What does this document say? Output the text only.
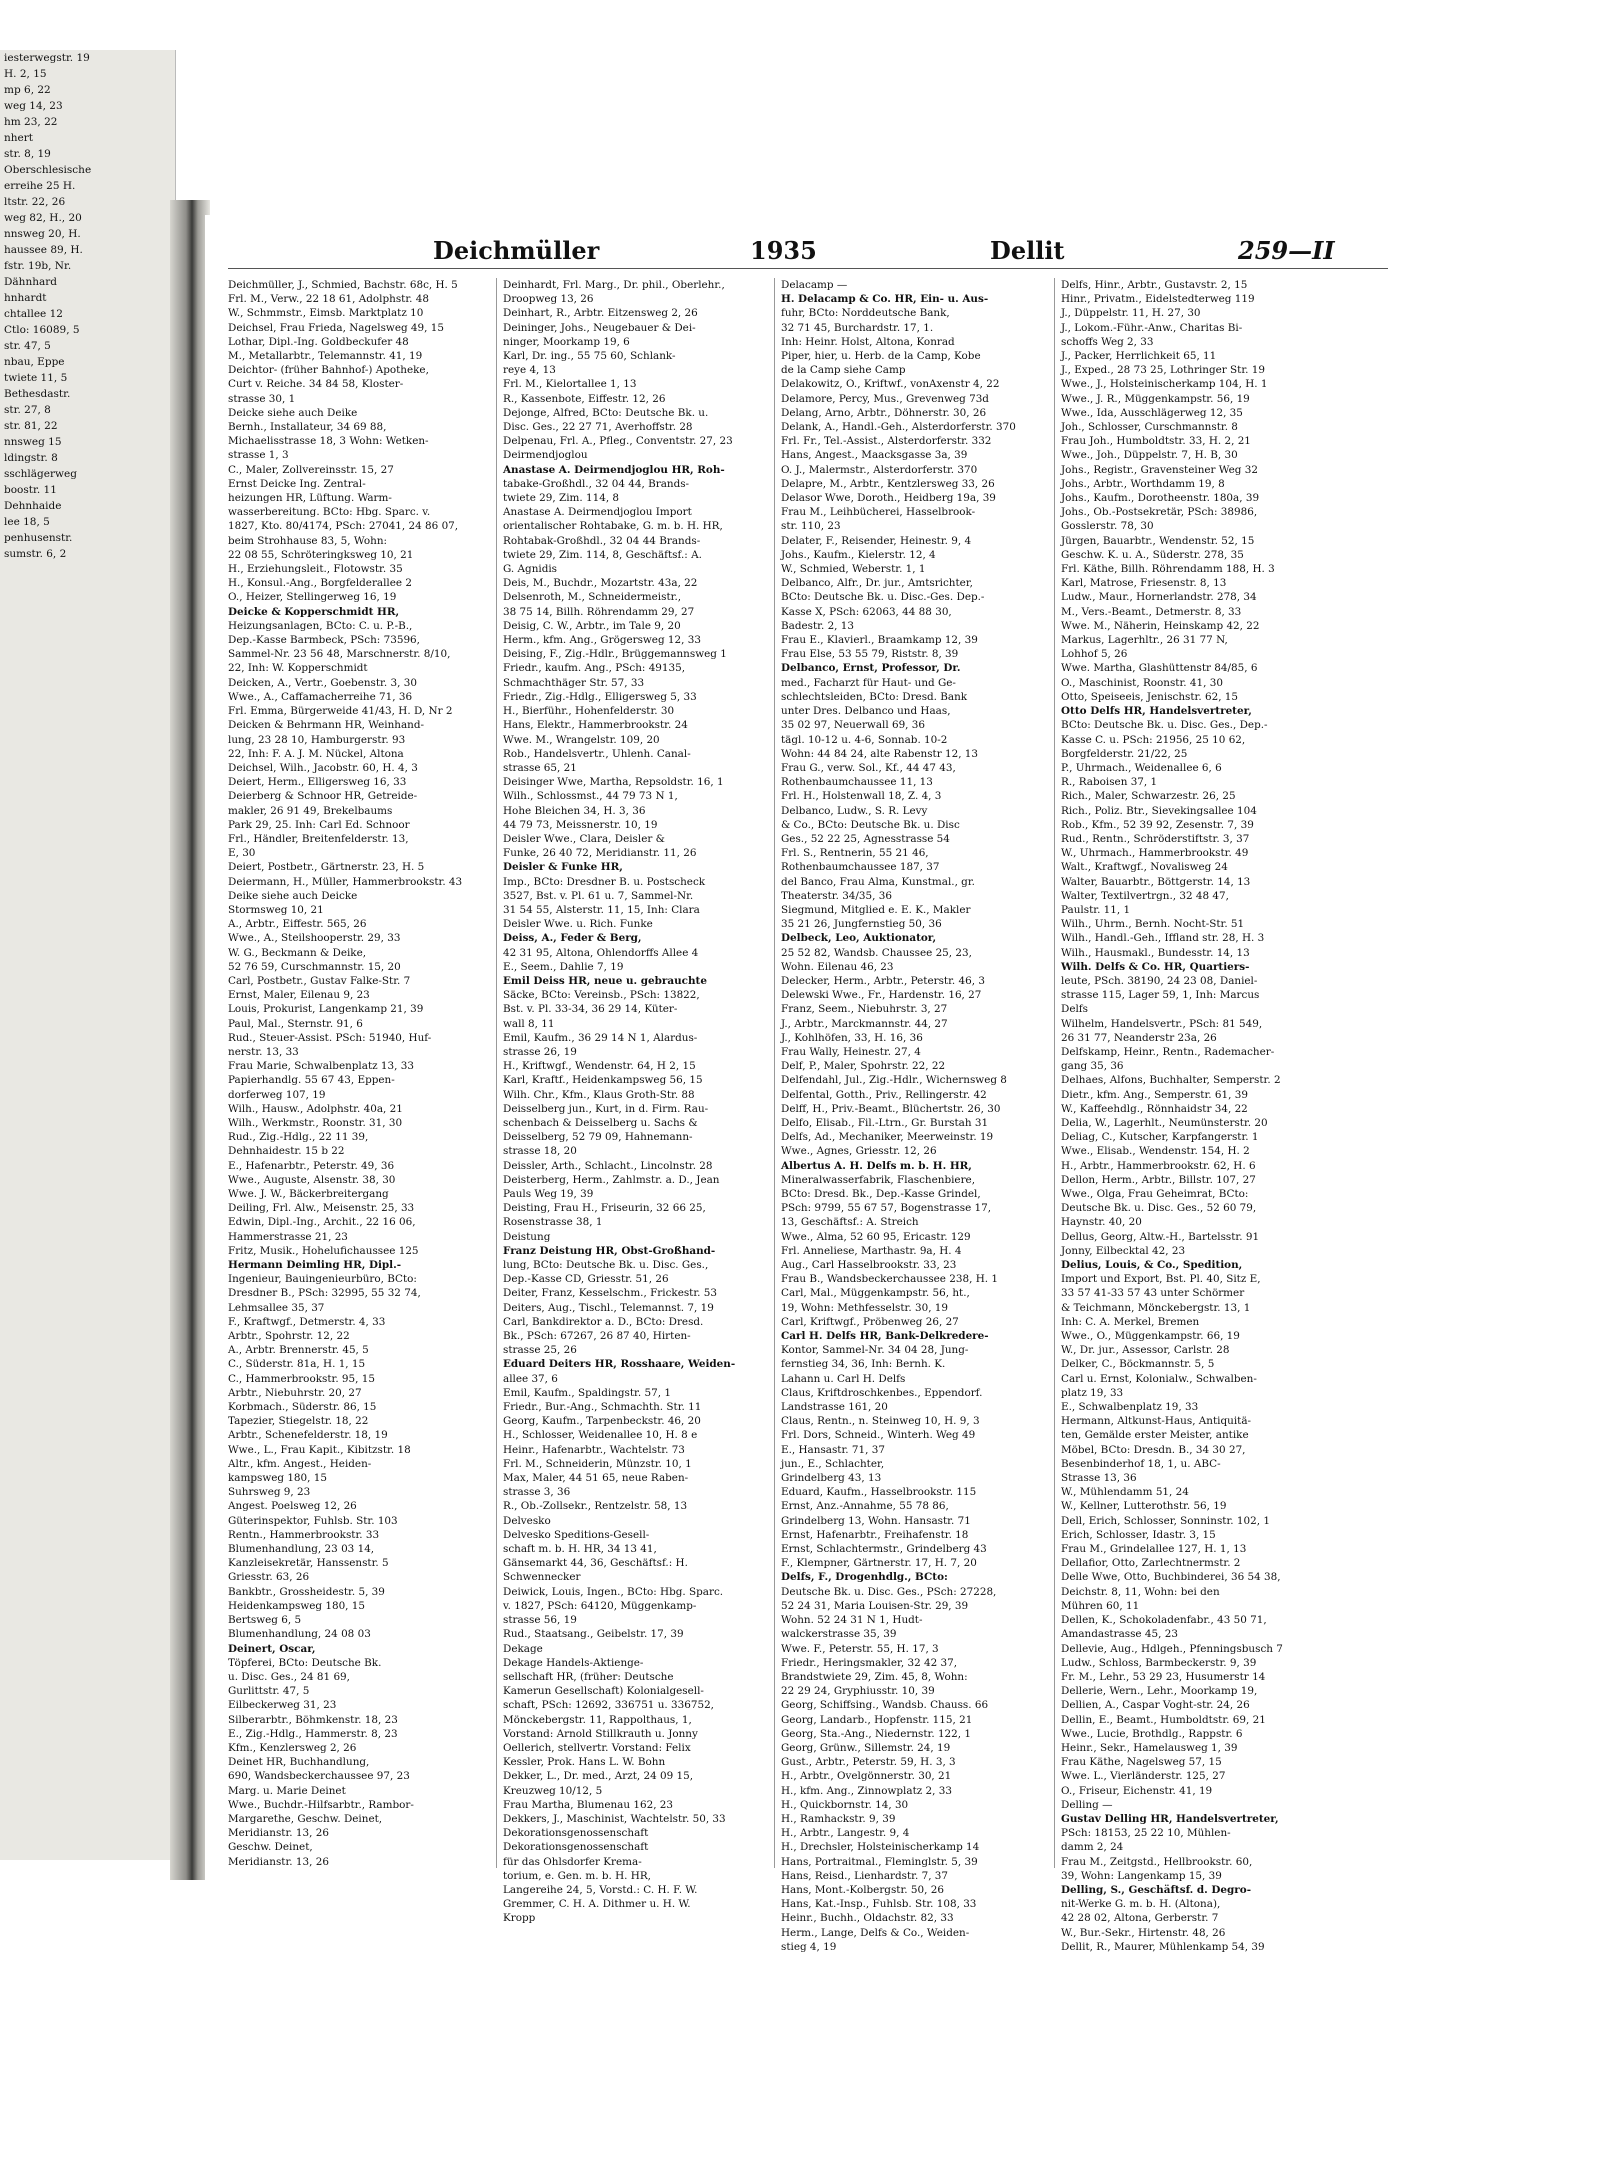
iesterwegstr. 19
H. 2, 15
mp 6, 22
weg 14, 23
hm 23, 22
nhert
str. 8, 19
Oberschlesische
erreihe 25 H.
ltstr. 22, 26
weg 82, H., 20
nnsweg 20, H.
haussee 89, H.
fstr. 19b, Nr.
Dähnhard
hnhardt
chtallee 12
Ctlo: 16089, 5
str. 47, 5
nbau, Eppe
twiete 11, 5
Bethesdastr.
str. 27, 8
str. 81, 22
nnsweg 15
ldingstr. 8
sschlägerweg
boostr. 11
Dehnhaide
lee 18, 5
penhusenstr.
sumstr. 6, 2
Deichmüller	1935	Dellit	259—II
Deichmüller, J., Schmied, Bachstr. 68c, H. 5
Frl. M., Verw., 22 18 61, Adolphstr. 48
W., Schmmstr., Eimsb. Marktplatz 10
Deichsel, Frau Frieda, Nagelsweg 49, 15
Lothar, Dipl.-Ing. Goldbeckufer 48
M., Metallarbtr., Telemannstr. 41, 19
Deichtor- (früher Bahnhof-) Apotheke,
Curt v. Reiche. 34 84 58, Kloster-
strasse 30, 1
Deicke siehe auch Deike
Bernh., Installateur, 34 69 88,
Michaelisstrasse 18, 3 Wohn: Wetken-
strasse 1, 3
C., Maler, Zollvereinsstr. 15, 27
Ernst Deicke Ing. Zentral-
heizungen HR, Lüftung. Warm-
wasserbereitung. BCto: Hbg. Sparc. v.
1827, Kto. 80/4174, PSch: 27041, 24 86 07,
beim Strohhause 83, 5, Wohn:
22 08 55, Schröteringksweg 10, 21
H., Erziehungsleit., Flotowstr. 35
H., Konsul.-Ang., Borgfelderallee 2
O., Heizer, Stellingerweg 16, 19
Deicke & Kopperschmidt HR,
Heizungsanlagen, BCto: C. u. P.-B.,
Dep.-Kasse Barmbeck, PSch: 73596,
Sammel-Nr. 23 56 48, Marschnerstr. 8/10,
22, Inh: W. Kopperschmidt
Deicken, A., Vertr., Goebenstr. 3, 30
Wwe., A., Caffamacherreihe 71, 36
Frl. Emma, Bürgerweide 41/43, H. D, Nr 2
Deicken & Behrmann HR, Weinhand-
lung, 23 28 10, Hamburgerstr. 93
22, Inh: F. A. J. M. Nückel, Altona
Deichsel, Wilh., Jacobstr. 60, H. 4, 3
Deiert, Herm., Elligersweg 16, 33
Deierberg & Schnoor HR, Getreide-
makler, 26 91 49, Brekelbaums
Park 29, 25. Inh: Carl Ed. Schnoor
Frl., Händler, Breitenfelderstr. 13,
E, 30
Deiert, Postbetr., Gärtnerstr. 23, H. 5
Deiermann, H., Müller, Hammerbrookstr. 43
Deike siehe auch Deicke
Stormsweg 10, 21
A., Arbtr., Eiffestr. 565, 26
Wwe., A., Steilshooperstr. 29, 33
W. G., Beckmann & Deike,
52 76 59, Curschmannstr. 15, 20
Carl, Postbetr., Gustav Falke-Str. 7
Ernst, Maler, Eilenau 9, 23
Louis, Prokurist, Langenkamp 21, 39
Paul, Mal., Sternstr. 91, 6
Rud., Steuer-Assist. PSch: 51940, Huf-
nerstr. 13, 33
Frau Marie, Schwalbenplatz 13, 33
Papierhandlg. 55 67 43, Eppen-
dorferweg 107, 19
Wilh., Hausw., Adolphstr. 40a, 21
Wilh., Werkmstr., Roonstr. 31, 30
Rud., Zig.-Hdlg., 22 11 39,
Dehnhaidestr. 15 b 22
E., Hafenarbtr., Peterstr. 49, 36
Wwe., Auguste, Alsenstr. 38, 30
Wwe. J. W., Bäckerbreitergang
Deiling, Frl. Alw., Meisenstr. 25, 33
Edwin, Dipl.-Ing., Archit., 22 16 06,
Hammerstrasse 21, 23
Fritz, Musik., Hohelufichaussee 125
Hermann Deimling HR, Dipl.-
Ingenieur, Bauingenieurbüro, BCto:
Dresdner B., PSch: 32995, 55 32 74,
Lehmsallee 35, 37
F., Kraftwgf., Detmerstr. 4, 33
Arbtr., Spohrstr. 12, 22
A., Arbtr. Brennerstr. 45, 5
C., Süderstr. 81a, H. 1, 15
C., Hammerbrookstr. 95, 15
Arbtr., Niebuhrstr. 20, 27
Korbmach., Süderstr. 86, 15
Tapezier, Stiegelstr. 18, 22
Arbtr., Schenefelderstr. 18, 19
Wwe., L., Frau Kapit., Kibitzstr. 18
Altr., kfm. Angest., Heiden-
kampsweg 180, 15
Suhrsweg 9, 23
Angest. Poelsweg 12, 26
Güterinspektor, Fuhlsb. Str. 103
Rentn., Hammerbrookstr. 33
Blumenhandlung, 23 03 14,
Kanzleisekretär, Hanssenstr. 5
Griesstr. 63, 26
Bankbtr., Grossheidestr. 5, 39
Heidenkampsweg 180, 15
Bertsweg 6, 5
Blumenhandlung, 24 08 03
Deinert, Oscar,
Töpferei, BCto: Deutsche Bk.
u. Disc. Ges., 24 81 69,
Gurlittstr. 47, 5
Eilbeckerweg 31, 23
Silberarbtr., Böhmkenstr. 18, 23
E., Zig.-Hdlg., Hammerstr. 8, 23
Kfm., Kenzlersweg 2, 26
Deinet HR, Buchhandlung,
690, Wandsbeckerchaussee 97, 23
Marg. u. Marie Deinet
Wwe., Buchdr.-Hilfsarbtr., Rambor-
Margarethe, Geschw. Deinet,
Meridianstr. 13, 26
Geschw. Deinet,
Meridianstr. 13, 26
Deinhardt, Frl. Marg., Dr. phil., Oberlehr.,
Droopweg 13, 26
Deinhart, R., Arbtr. Eitzensweg 2, 26
Deininger, Johs., Neugebauer & Dei-
ninger, Moorkamp 19, 6
Karl, Dr. ing., 55 75 60, Schlank-
reye 4, 13
Frl. M., Kielortallee 1, 13
R., Kassenbote, Eiffestr. 12, 26
Dejonge, Alfred, BCto: Deutsche Bk. u.
Disc. Ges., 22 27 71, Averhoffstr. 28
Delpenau, Frl. A., Pfleg., Conventstr. 27, 23
Deirmendjoglou
Anastase A. Deirmendjoglou HR, Roh-
tabake-Großhdl., 32 04 44, Brands-
twiete 29, Zim. 114, 8
Anastase A. Deirmendjoglou Import
orientalischer Rohtabake, G. m. b. H. HR,
Rohtabak-Großhdl., 32 04 44 Brands-
twiete 29, Zim. 114, 8, Geschäftsf.: A.
G. Agnidis
Deis, M., Buchdr., Mozartstr. 43a, 22
Delsenroth, M., Schneidermeistr.,
38 75 14, Billh. Röhrendamm 29, 27
Deisig, C. W., Arbtr., im Tale 9, 20
Herm., kfm. Ang., Grögersweg 12, 33
Deising, F., Zig.-Hdlr., Brüggemannsweg 1
Friedr., kaufm. Ang., PSch: 49135,
Schmachthäger Str. 57, 33
Friedr., Zig.-Hdlg., Elligersweg 5, 33
H., Bierführ., Hohenfelderstr. 30
Hans, Elektr., Hammerbrookstr. 24
Wwe. M., Wrangelstr. 109, 20
Rob., Handelsvertr., Uhlenh. Canal-
strasse 65, 21
Deisinger Wwe, Martha, Repsoldstr. 16, 1
Wilh., Schlossmst., 44 79 73 N 1,
Hohe Bleichen 34, H. 3, 36
44 79 73, Meissnerstr. 10, 19
Deisler Wwe., Clara, Deisler &
Funke, 26 40 72, Meridianstr. 11, 26
Deisler & Funke HR,
Imp., BCto: Dresdner B. u. Postscheck
3527, Bst. v. Pl. 61 u. 7, Sammel-Nr.
31 54 55, Alsterstr. 11, 15, Inh: Clara
Deisler Wwe. u. Rich. Funke
Deiss, A., Feder & Berg,
42 31 95, Altona, Ohlendorffs Allee 4
E., Seem., Dahlie 7, 19
Emil Deiss HR, neue u. gebrauchte
Säcke, BCto: Vereinsb., PSch: 13822,
Bst. v. Pl. 33-34, 36 29 14, Küter-
wall 8, 11
Emil, Kaufm., 36 29 14 N 1, Alardus-
strasse 26, 19
H., Kriftwgf., Wendenstr. 64, H 2, 15
Karl, Kraftf., Heidenkampsweg 56, 15
Wilh. Chr., Kfm., Klaus Groth-Str. 88
Deisselberg jun., Kurt, in d. Firm. Rau-
schenbach & Deisselberg u. Sachs &
Deisselberg, 52 79 09, Hahnemann-
strasse 18, 20
Deissler, Arth., Schlacht., Lincolnstr. 28
Deisterberg, Herm., Zahlmstr. a. D., Jean
Pauls Weg 19, 39
Deisting, Frau H., Friseurin, 32 66 25,
Rosenstrasse 38, 1
Deistung
Franz Deistung HR, Obst-Großhand-
lung, BCto: Deutsche Bk. u. Disc. Ges.,
Dep.-Kasse CD, Griesstr. 51, 26
Deiter, Franz, Kesselschm., Frickestr. 53
Deiters, Aug., Tischl., Telemannst. 7, 19
Carl, Bankdirektor a. D., BCto: Dresd.
Bk., PSch: 67267, 26 87 40, Hirten-
strasse 25, 26
Eduard Deiters HR, Rosshaare, Weiden-
allee 37, 6
Emil, Kaufm., Spaldingstr. 57, 1
Friedr., Bur.-Ang., Schmachth. Str. 11
Georg, Kaufm., Tarpenbeckstr. 46, 20
H., Schlosser, Weidenallee 10, H. 8 e
Heinr., Hafenarbtr., Wachtelstr. 73
Frl. M., Schneiderin, Münzstr. 10, 1
Max, Maler, 44 51 65, neue Raben-
strasse 3, 36
R., Ob.-Zollsekr., Rentzelstr. 58, 13
Delvesko
Delvesko Speditions-Gesell-
schaft m. b. H. HR, 34 13 41,
Gänsemarkt 44, 36, Geschäftsf.: H.
Schwennecker
Deiwick, Louis, Ingen., BCto: Hbg. Sparc.
v. 1827, PSch: 64120, Müggenkamp-
strasse 56, 19
Rud., Staatsang., Geibelstr. 17, 39
Dekage
Dekage Handels-Aktienge-
sellschaft HR, (früher: Deutsche
Kamerun Gesellschaft) Kolonialgesell-
schaft, PSch: 12692, 336751 u. 336752,
Mönckebergstr. 11, Rappolthaus, 1,
Vorstand: Arnold Stillkrauth u. Jonny
Oellerich, stellvertr. Vorstand: Felix
Kessler, Prok. Hans L. W. Bohn
Dekker, L., Dr. med., Arzt, 24 09 15,
Kreuzweg 10/12, 5
Frau Martha, Blumenau 162, 23
Dekkers, J., Maschinist, Wachtelstr. 50, 33
Dekorationsgenossenschaft
Dekorationsgenossenschaft
für das Ohlsdorfer Krema-
torium, e. Gen. m. b. H. HR,
Langereihe 24, 5, Vorstd.: C. H. F. W.
Gremmer, C. H. A. Dithmer u. H. W.
Kropp
Delacamp —
H. Delacamp & Co. HR, Ein- u. Aus-
fuhr, BCto: Norddeutsche Bank,
32 71 45, Burchardstr. 17, 1.
Inh: Heinr. Holst, Altona, Konrad
Piper, hier, u. Herb. de la Camp, Kobe
de la Camp siehe Camp
Delakowitz, O., Kriftwf., vonAxenstr 4, 22
Delamore, Percy, Mus., Grevenweg 73d
Delang, Arno, Arbtr., Döhnerstr. 30, 26
Delank, A., Handl.-Geh., Alsterdorferstr. 370
Frl. Fr., Tel.-Assist., Alsterdorferstr. 332
Hans, Angest., Maacksgasse 3a, 39
O. J., Malermstr., Alsterdorferstr. 370
Delapre, M., Arbtr., Kentzlersweg 33, 26
Delasor Wwe, Doroth., Heidberg 19a, 39
Frau M., Leihbücherei, Hasselbrook-
str. 110, 23
Delater, F., Reisender, Heinestr. 9, 4
Johs., Kaufm., Kielerstr. 12, 4
W., Schmied, Weberstr. 1, 1
Delbanco, Alfr., Dr. jur., Amtsrichter,
BCto: Deutsche Bk. u. Disc.-Ges. Dep.-
Kasse X, PSch: 62063, 44 88 30,
Badestr. 2, 13
Frau E., Klavierl., Braamkamp 12, 39
Frau Else, 53 55 79, Riststr. 8, 39
Delbanco, Ernst, Professor, Dr.
med., Facharzt für Haut- und Ge-
schlechtsleiden, BCto: Dresd. Bank
unter Dres. Delbanco und Haas,
35 02 97, Neuerwall 69, 36
tägl. 10-12 u. 4-6, Sonnab. 10-2
Wohn: 44 84 24, alte Rabenstr 12, 13
Frau G., verw. Sol., Kf., 44 47 43,
Rothenbaumchaussee 11, 13
Frl. H., Holstenwall 18, Z. 4, 3
Delbanco, Ludw., S. R. Levy
& Co., BCto: Deutsche Bk. u. Disc
Ges., 52 22 25, Agnesstrasse 54
Frl. S., Rentnerin, 55 21 46,
Rothenbaumchaussee 187, 37
del Banco, Frau Alma, Kunstmal., gr.
Theaterstr. 34/35, 36
Siegmund, Mitglied e. E. K., Makler
35 21 26, Jungfernstieg 50, 36
Delbeck, Leo, Auktionator,
25 52 82, Wandsb. Chaussee 25, 23,
Wohn. Eilenau 46, 23
Delecker, Herm., Arbtr., Peterstr. 46, 3
Delewski Wwe., Fr., Hardenstr. 16, 27
Franz, Seem., Niebuhrstr. 3, 27
J., Arbtr., Marckmannstr. 44, 27
J., Kohlhöfen, 33, H. 16, 36
Frau Wally, Heinestr. 27, 4
Delf, P., Maler, Spohrstr. 22, 22
Delfendahl, Jul., Zig.-Hdlr., Wichernsweg 8
Delfental, Gotth., Priv., Rellingerstr. 42
Delff, H., Priv.-Beamt., Blüchertstr. 26, 30
Delfo, Elisab., Fil.-Ltrn., Gr. Burstah 31
Delfs, Ad., Mechaniker, Meerweinstr. 19
Wwe., Agnes, Griesstr. 12, 26
Albertus A. H. Delfs m. b. H. HR,
Mineralwasserfabrik, Flaschenbiere,
BCto: Dresd. Bk., Dep.-Kasse Grindel,
PSch: 9799, 55 67 57, Bogenstrasse 17,
13, Geschäftsf.: A. Streich
Wwe., Alma, 52 60 95, Ericastr. 129
Frl. Anneliese, Marthastr. 9a, H. 4
Aug., Carl Hasselbrookstr. 33, 23
Frau B., Wandsbeckerchaussee 238, H. 1
Carl, Mal., Müggenkampstr. 56, ht.,
19, Wohn: Methfesselstr. 30, 19
Carl, Kriftwgf., Pröbenweg 26, 27
Carl H. Delfs HR, Bank-Delkredere-
Kontor, Sammel-Nr. 34 04 28, Jung-
fernstieg 34, 36, Inh: Bernh. K.
Lahann u. Carl H. Delfs
Claus, Kriftdroschkenbes., Eppendorf.
Landstrasse 161, 20
Claus, Rentn., n. Steinweg 10, H. 9, 3
Frl. Dors, Schneid., Winterh. Weg 49
E., Hansastr. 71, 37
jun., E., Schlachter,
Grindelberg 43, 13
Eduard, Kaufm., Hasselbrookstr. 115
Ernst, Anz.-Annahme, 55 78 86,
Grindelberg 13, Wohn. Hansastr. 71
Ernst, Hafenarbtr., Freihafenstr. 18
Ernst, Schlachtermstr., Grindelberg 43
F., Klempner, Gärtnerstr. 17, H. 7, 20
Delfs, F., Drogenhdlg., BCto:
Deutsche Bk. u. Disc. Ges., PSch: 27228,
52 24 31, Maria Louisen-Str. 29, 39
Wohn. 52 24 31 N 1, Hudt-
walckerstrasse 35, 39
Wwe. F., Peterstr. 55, H. 17, 3
Friedr., Heringsmakler, 32 42 37,
Brandstwiete 29, Zim. 45, 8, Wohn:
22 29 24, Gryphiusstr. 10, 39
Georg, Schiffsing., Wandsb. Chauss. 66
Georg, Landarb., Hopfenstr. 115, 21
Georg, Sta.-Ang., Niedernstr. 122, 1
Georg, Grünw., Sillemstr. 24, 19
Gust., Arbtr., Peterstr. 59, H. 3, 3
H., Arbtr., Ovelgönnerstr. 30, 21
H., kfm. Ang., Zinnowplatz 2, 33
H., Quickbornstr. 14, 30
H., Ramhackstr. 9, 39
H., Arbtr., Langestr. 9, 4
H., Drechsler, Holsteinischerkamp 14
Hans, Portraitmal., Fleminglstr. 5, 39
Hans, Reisd., Lienhardstr. 7, 37
Hans, Mont.-Kolbergstr. 50, 26
Hans, Kat.-Insp., Fuhlsb. Str. 108, 33
Heinr., Buchh., Oldachstr. 82, 33
Herm., Lange, Delfs & Co., Weiden-
stieg 4, 19
Delfs, Hinr., Arbtr., Gustavstr. 2, 15
Hinr., Privatm., Eidelstedterweg 119
J., Düppelstr. 11, H. 27, 30
J., Lokom.-Führ.-Anw., Charitas Bi-
schoffs Weg 2, 33
J., Packer, Herrlichkeit 65, 11
J., Exped., 28 73 25, Lothringer Str. 19
Wwe., J., Holsteinischerkamp 104, H. 1
Wwe., J. R., Müggenkampstr. 56, 19
Wwe., Ida, Ausschlägerweg 12, 35
Joh., Schlosser, Curschmannstr. 8
Frau Joh., Humboldtstr. 33, H. 2, 21
Wwe., Joh., Düppelstr. 7, H. B, 30
Johs., Registr., Gravensteiner Weg 32
Johs., Arbtr., Worthdamm 19, 8
Johs., Kaufm., Dorotheenstr. 180a, 39
Johs., Ob.-Postsekretär, PSch: 38986,
Gosslerstr. 78, 30
Jürgen, Bauarbtr., Wendenstr. 52, 15
Geschw. K. u. A., Süderstr. 278, 35
Frl. Käthe, Billh. Röhrendamm 188, H. 3
Karl, Matrose, Friesenstr. 8, 13
Ludw., Maur., Hornerlandstr. 278, 34
M., Vers.-Beamt., Detmerstr. 8, 33
Wwe. M., Näherin, Heinskamp 42, 22
Markus, Lagerhltr., 26 31 77 N,
Lohhof 5, 26
Wwe. Martha, Glashüttenstr 84/85, 6
O., Maschinist, Roonstr. 41, 30
Otto, Speiseeis, Jenischstr. 62, 15
Otto Delfs HR, Handelsvertreter,
BCto: Deutsche Bk. u. Disc. Ges., Dep.-
Kasse C. u. PSch: 21956, 25 10 62,
Borgfelderstr. 21/22, 25
P., Uhrmach., Weidenallee 6, 6
R., Raboisen 37, 1
Rich., Maler, Schwarzestr. 26, 25
Rich., Poliz. Btr., Sievekingsallee 104
Rob., Kfm., 52 39 92, Zesenstr. 7, 39
Rud., Rentn., Schröderstiftstr. 3, 37
W., Uhrmach., Hammerbrookstr. 49
Walt., Kraftwgf., Novalisweg 24
Walter, Bauarbtr., Böttgerstr. 14, 13
Walter, Textilvertrgn., 32 48 47,
Paulstr. 11, 1
Wilh., Uhrm., Bernh. Nocht-Str. 51
Wilh., Handl.-Geh., Iffland str. 28, H. 3
Wilh., Hausmakl., Bundesstr. 14, 13
Wilh. Delfs & Co. HR, Quartiers-
leute, PSch. 38190, 24 23 08, Daniel-
strasse 115, Lager 59, 1, Inh: Marcus
Delfs
Wilhelm, Handelsvertr., PSch: 81 549,
26 31 77, Neanderstr 23a, 26
Delfskamp, Heinr., Rentn., Rademacher-
gang 35, 36
Delhaes, Alfons, Buchhalter, Semperstr. 2
Dietr., kfm. Ang., Semperstr. 61, 39
W., Kaffeehdlg., Rönnhaidstr 34, 22
Delia, W., Lagerhlt., Neumünsterstr. 20
Deliag, C., Kutscher, Karpfangerstr. 1
Wwe., Elisab., Wendenstr. 154, H. 2
H., Arbtr., Hammerbrookstr. 62, H. 6
Dellon, Herm., Arbtr., Billstr. 107, 27
Wwe., Olga, Frau Geheimrat, BCto:
Deutsche Bk. u. Disc. Ges., 52 60 79,
Haynstr. 40, 20
Dellus, Georg, Altw.-H., Bartelsstr. 91
Jonny, Eilbecktal 42, 23
Delius, Louis, & Co., Spedition,
Import und Export, Bst. Pl. 40, Sitz E,
33 57 41-33 57 43 unter Schörmer
& Teichmann, Mönckebergstr. 13, 1
Inh: C. A. Merkel, Bremen
Wwe., O., Müggenkampstr. 66, 19
W., Dr. jur., Assessor, Carlstr. 28
Delker, C., Böckmannstr. 5, 5
Carl u. Ernst, Kolonialw., Schwalben-
platz 19, 33
E., Schwalbenplatz 19, 33
Hermann, Altkunst-Haus, Antiquitä-
ten, Gemälde erster Meister, antike
Möbel, BCto: Dresdn. B., 34 30 27,
Besenbinderhof 18, 1, u. ABC-
Strasse 13, 36
W., Mühlendamm 51, 24
W., Kellner, Lutterothstr. 56, 19
Dell, Erich, Schlosser, Sonninstr. 102, 1
Erich, Schlosser, Idastr. 3, 15
Frau M., Grindelallee 127, H. 1, 13
Dellafior, Otto, Zarlechtnermstr. 2
Delle Wwe, Otto, Buchbinderei, 36 54 38,
Deichstr. 8, 11, Wohn: bei den
Mühren 60, 11
Dellen, K., Schokoladenfabr., 43 50 71,
Amandastrasse 45, 23
Dellevie, Aug., Hdlgeh., Pfenningsbusch 7
Ludw., Schloss, Barmbeckerstr. 9, 39
Fr. M., Lehr., 53 29 23, Husumerstr 14
Dellerie, Wern., Lehr., Moorkamp 19,
Dellien, A., Caspar Voght-str. 24, 26
Dellin, E., Beamt., Humboldtstr. 69, 21
Wwe., Lucie, Brothdlg., Rappstr. 6
Heinr., Sekr., Hamelausweg 1, 39
Frau Käthe, Nagelsweg 57, 15
Wwe. L., Vierländerstr. 125, 27
O., Friseur, Eichenstr. 41, 19
Delling —
Gustav Delling HR, Handelsvertreter,
PSch: 18153, 25 22 10, Mühlen-
damm 2, 24
Frau M., Zeitgstd., Hellbrookstr. 60,
39, Wohn: Langenkamp 15, 39
Delling, S., Geschäftsf. d. Degro-
nit-Werke G. m. b. H. (Altona),
42 28 02, Altona, Gerberstr. 7
W., Bur.-Sekr., Hirtenstr. 48, 26
Dellit, R., Maurer, Mühlenkamp 54, 39
